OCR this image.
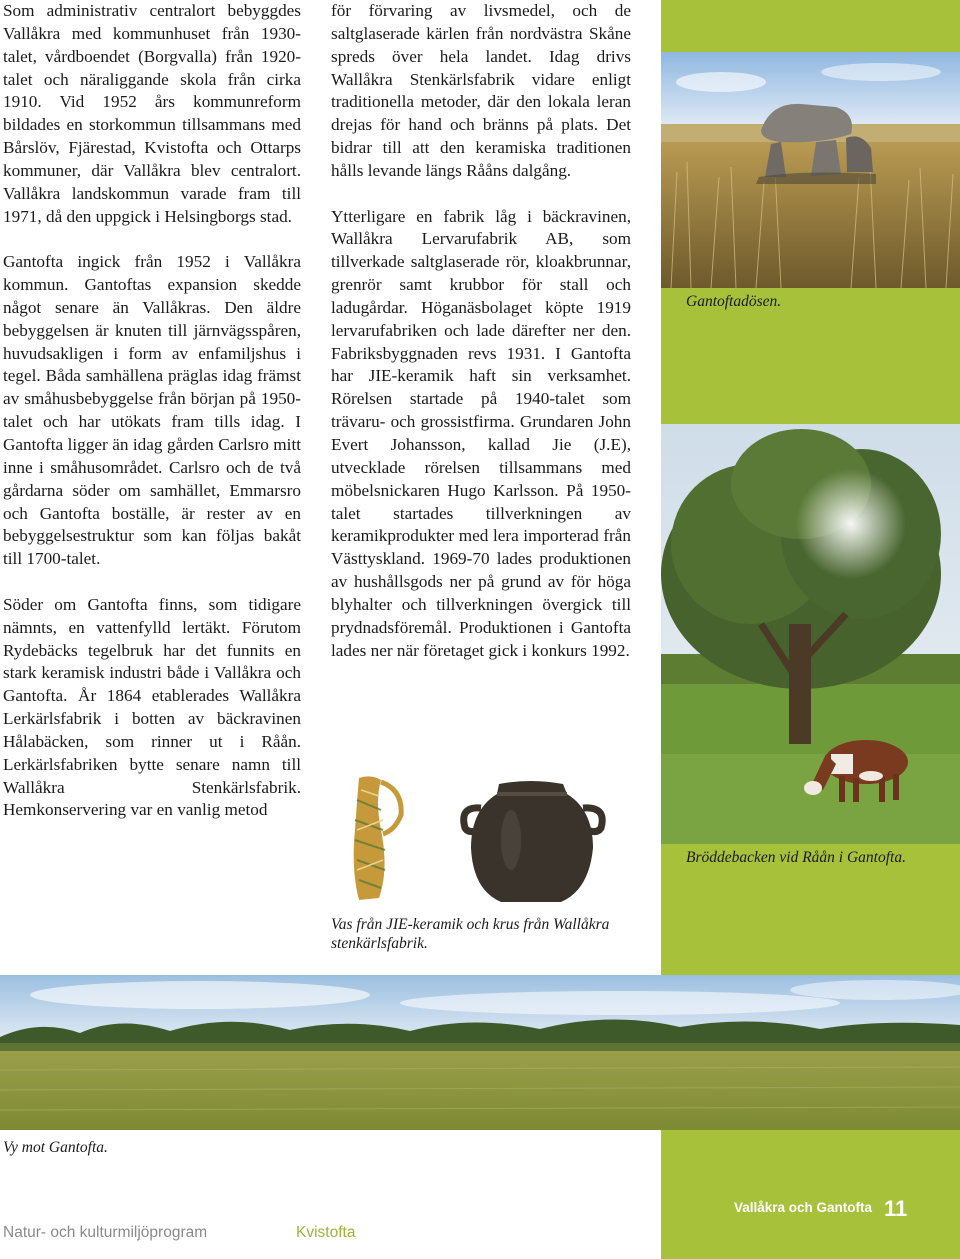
Som administrativ centralort bebyggdes Vallåkra med kommunhuset från 1930-talet, vårdboendet (Borgvalla) från 1920-talet och näraliggande skola från cirka 1910. Vid 1952 års kommunreform bildades en storkommun tillsammans med Bårslöv, Fjärestad, Kvistofta och Ottarps kommuner, där Vallåkra blev centralort. Vallåkra landskommun varade fram till 1971, då den uppgick i Helsingborgs stad.

Gantofta ingick från 1952 i Vallåkra kommun. Gantoftas expansion skedde något senare än Vallåkras. Den äldre bebyggelsen är knuten till järnvägsspåren, huvudsakligen i form av enfamiljshus i tegel. Båda samhällena präglas idag främst av småhusbebyggelse från början på 1950-talet och har utökats fram tills idag. I Gantofta ligger än idag gården Carlsro mitt inne i småhusområdet. Carlsro och de två gårdarna söder om samhället, Emmarsro och Gantofta boställe, är rester av en bebyggelsestruktur som kan följas bakåt till 1700-talet.

Söder om Gantofta finns, som tidigare nämnts, en vattenfylld lertäkt. Förutom Rydebäcks tegelbruk har det funnits en stark keramisk industri både i Vallåkra och Gantofta. År 1864 etablerades Wallåkra Lerkärlsfabrik i botten av bäckravinen Hålabäcken, som rinner ut i Råån. Lerkärlsfabriken bytte senare namn till Wallåkra Stenkärlsfabrik. Hemkonservering var en vanlig metod

för förvaring av livsmedel, och de saltglaserade kärlen från nordvästra Skåne spreds över hela landet. Idag drivs Wallåkra Stenkärlsfabrik vidare enligt traditionella metoder, där den lokala leran drejas för hand och bränns på plats. Det bidrar till att den keramiska traditionen hålls levande längs Rååns dalgång.

Ytterligare en fabrik låg i bäckravinen, Wallåkra Lervarufabrik AB, som tillverkade saltglaserade rör, kloakbrunnar, grenrör samt krubbor för stall och ladugårdar. Höganäsbolaget köpte 1919 lervarufabriken och lade därefter ner den. Fabriksbyggnaden revs 1931. I Gantofta har JIE-keramik haft sin verksamhet. Rörelsen startade på 1940-talet som trävaru- och grossistfirma. Grundaren John Evert Johansson, kallad Jie (J.E), utvecklade rörelsen tillsammans med möbelsnickaren Hugo Karlsson. På 1950-talet startades tillverkningen av keramikprodukter med lera importerad från Västtyskland. 1969-70 lades produktionen av hushållsgods ner på grund av för höga blyhalter och tillverkningen övergick till prydnadsföremål. Produktionen i Gantofta lades ner när företaget gick i konkurs 1992.

Gantoftadösen.
Bröddebacken vid Råån i Gantofta.
Vas från JIE-keramik och krus från Wallåkra stenkärlsfabrik.
Vy mot Gantofta.
Natur- och kulturmiljöprogram	Kvistofta
Vallåkra och Gantofta 11
